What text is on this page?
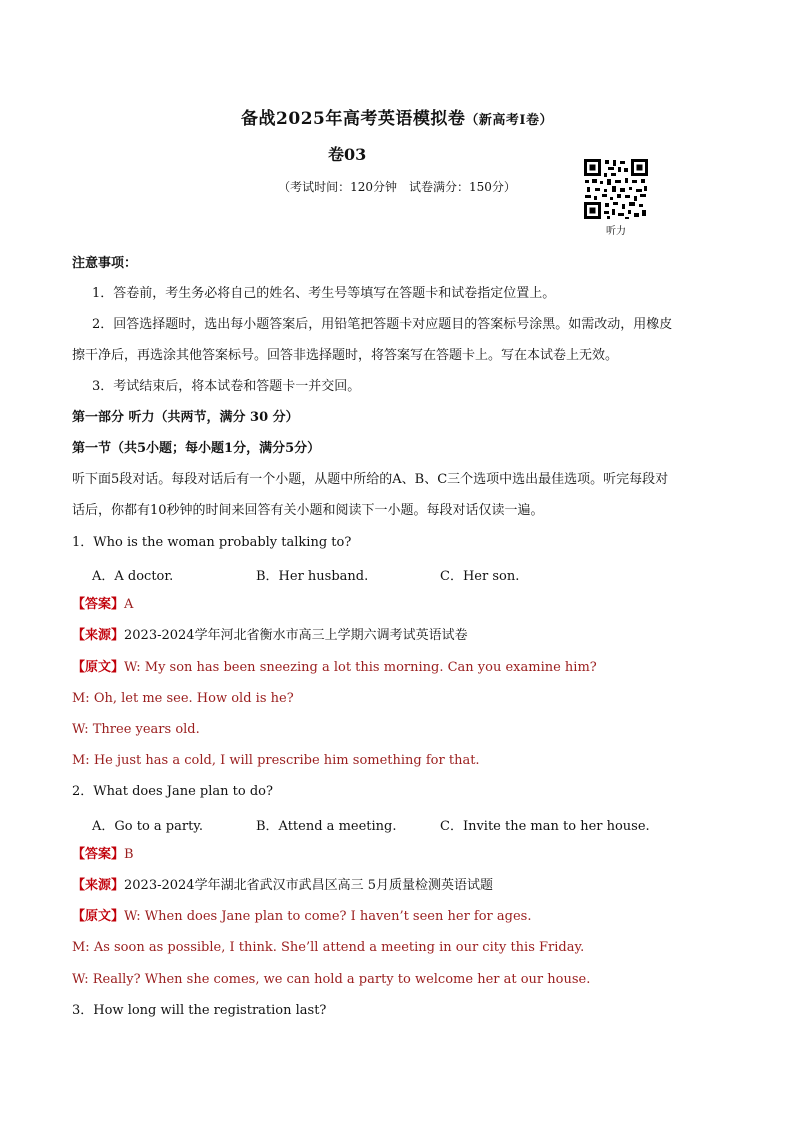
备战2025年高考英语模拟卷（新高考Ⅰ卷）
卷03
（考试时间：120分钟　试卷满分：150分）
听力
注意事项：
1．答卷前，考生务必将自己的姓名、考生号等填写在答题卡和试卷指定位置上。
2．回答选择题时，选出每小题答案后，用铅笔把答题卡对应题目的答案标号涂黑。如需改动，用橡皮
擦干净后，再选涂其他答案标号。回答非选择题时，将答案写在答题卡上。写在本试卷上无效。
3．考试结束后，将本试卷和答题卡一并交回。
第一部分 听力（共两节，满分 30 分）
第一节（共5小题；每小题1分，满分5分）
听下面5段对话。每段对话后有一个小题，从题中所给的A、B、C三个选项中选出最佳选项。听完每段对
话后，你都有10秒钟的时间来回答有关小题和阅读下一小题。每段对话仅读一遍。
1．Who is the woman probably talking to?
A．A doctor.	B．Her husband.	C．Her son.
【答案】A
【来源】2023-2024学年河北省衡水市高三上学期六调考试英语试卷
【原文】W: My son has been sneezing a lot this morning. Can you examine him?
M: Oh, let me see. How old is he?
W: Three years old.
M: He just has a cold, I will prescribe him something for that.
2．What does Jane plan to do?
A．Go to a party.	B．Attend a meeting.	C．Invite the man to her house.
【答案】B
【来源】2023-2024学年湖北省武汉市武昌区高三 5月质量检测英语试题
【原文】W: When does Jane plan to come? I haven’t seen her for ages.
M: As soon as possible, I think. She’ll attend a meeting in our city this Friday.
W: Really? When she comes, we can hold a party to welcome her at our house.
3．How long will the registration last?
